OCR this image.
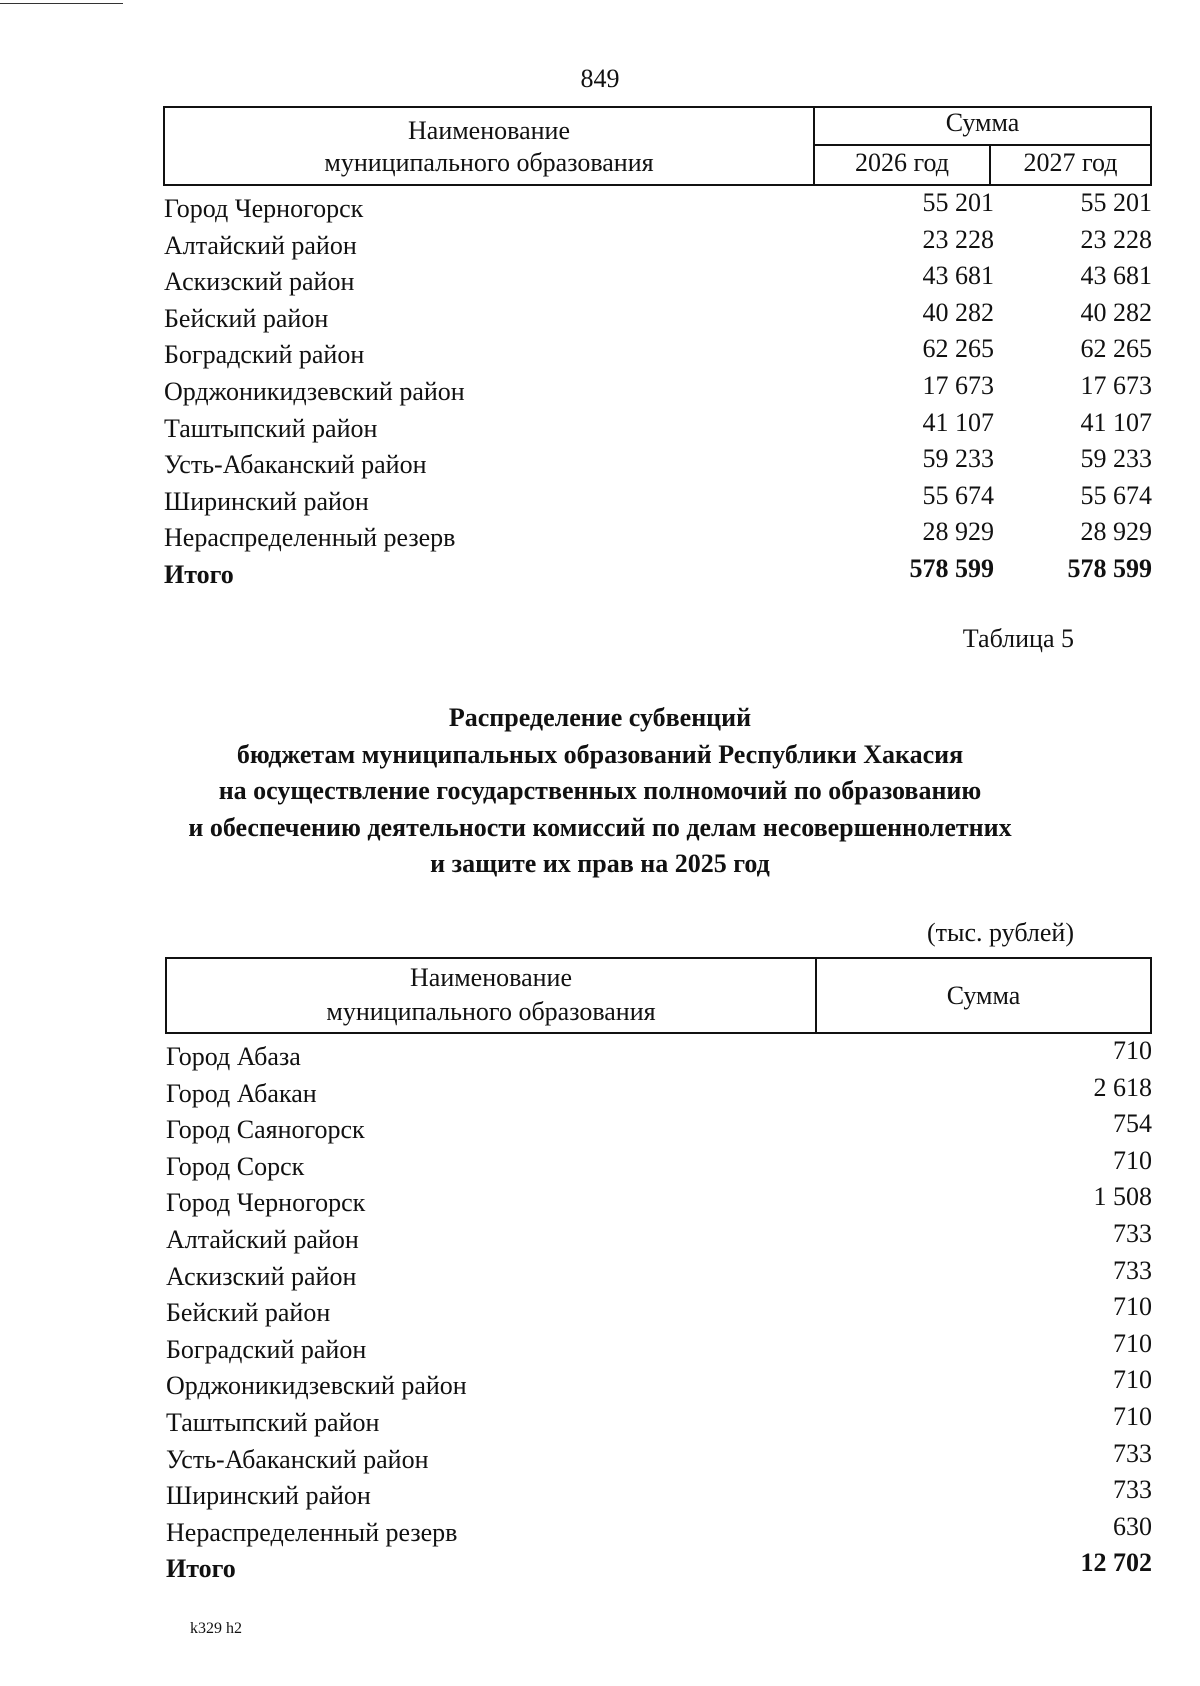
849
Наименование
муниципального образования
Сумма
2026 год	2027 год
Город Черногорск	55 201	55 201
Алтайский район	23 228	23 228
Аскизский район	43 681	43 681
Бейский район	40 282	40 282
Боградский район	62 265	62 265
Орджоникидзевский район	17 673	17 673
Таштыпский район	41 107	41 107
Усть-Абаканский район	59 233	59 233
Ширинский район	55 674	55 674
Нераспределенный резерв	28 929	28 929
Итого	578 599	578 599
Таблица 5
Распределение субвенций
бюджетам муниципальных образований Республики Хакасия
на осуществление государственных полномочий по образованию
и обеспечению деятельности комиссий по делам несовершеннолетних
и защите их прав на 2025 год
(тыс. рублей)
Наименование
муниципального образования
Сумма
Город Абаза	710
Город Абакан	2 618
Город Саяногорск	754
Город Сорск	710
Город Черногорск	1 508
Алтайский район	733
Аскизский район	733
Бейский район	710
Боградский район	710
Орджоникидзевский район	710
Таштыпский район	710
Усть-Абаканский район	733
Ширинский район	733
Нераспределенный резерв	630
Итого	12 702
k329 h2
